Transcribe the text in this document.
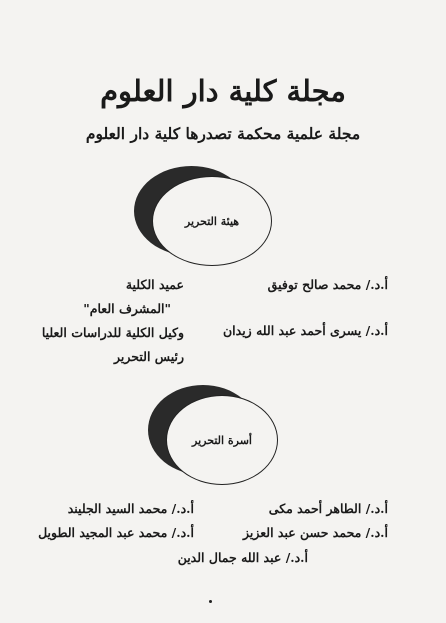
مجلة كلية دار العلوم
مجلة علمية محكمة تصدرها كلية دار العلوم
هيئة التحرير
أ.د./ محمد صالح توفيق
أ.د./ يسرى أحمد عبد الله زيدان
عميد الكلية
"المشرف العام"
وكيل الكلية للدراسات العليا
رئيس التحرير
أسرة التحرير
أ.د./ الطاهر أحمد مكى
أ.د./ محمد السيد الجليند
أ.د./ محمد حسن عبد العزيز
أ.د./ محمد عبد المجيد الطويل
أ.د./ عبد الله جمال الدين
